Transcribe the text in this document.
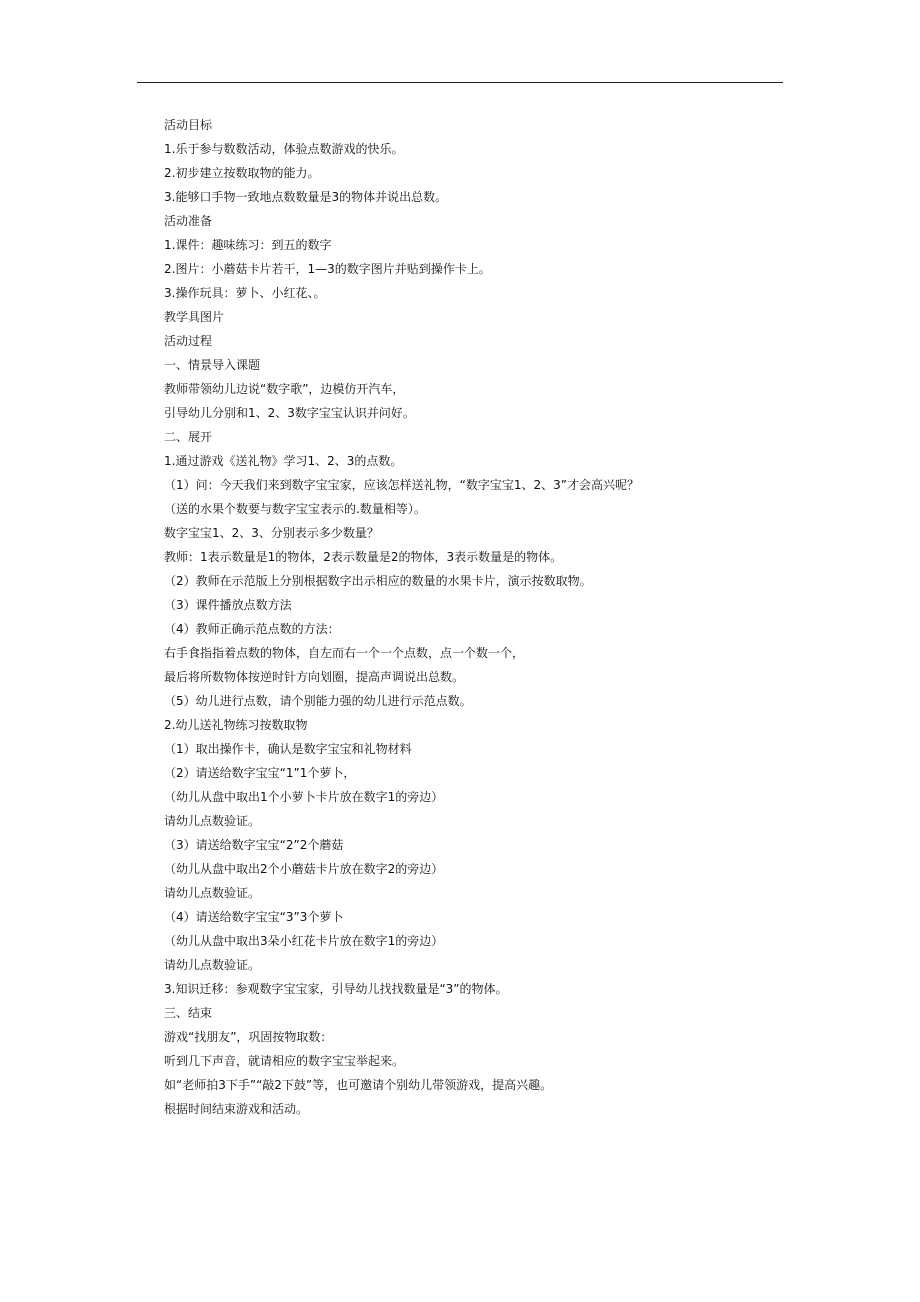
活动目标

1.乐于参与数数活动，体验点数游戏的快乐。

2.初步建立按数取物的能力。

3.能够口手物一致地点数数量是3的物体并说出总数。

活动准备

1.课件：趣味练习：到五的数字

2.图片：小蘑菇卡片若干，1—3的数字图片并贴到操作卡上。

3.操作玩具：萝卜、小红花、。

教学具图片

活动过程

一、情景导入课题

教师带领幼儿边说“数字歌”，边模仿开汽车，

引导幼儿分别和1、2、3数字宝宝认识并问好。

二、展开

1.通过游戏《送礼物》学习1、2、3的点数。

（1）问：今天我们来到数字宝宝家，应该怎样送礼物，“数字宝宝1、2、3”才会高兴呢？

（送的水果个数要与数字宝宝表示的.数量相等）。

数字宝宝1、2、3、分别表示多少数量？

教师：1表示数量是1的物体，2表示数量是2的物体，3表示数量是的物体。

（2）教师在示范版上分别根据数字出示相应的数量的水果卡片，演示按数取物。

（3）课件播放点数方法

（4）教师正确示范点数的方法：

右手食指指着点数的物体，自左而右一个一个点数，点一个数一个，

最后将所数物体按逆时针方向划圈，提高声调说出总数。

（5）幼儿进行点数，请个别能力强的幼儿进行示范点数。

2.幼儿送礼物练习按数取物

（1）取出操作卡，确认是数字宝宝和礼物材料

（2）请送给数字宝宝“1”1个萝卜，

（幼儿从盘中取出1个小萝卜卡片放在数字1的旁边）

请幼儿点数验证。

（3）请送给数字宝宝“2”2个蘑菇

（幼儿从盘中取出2个小蘑菇卡片放在数字2的旁边）

请幼儿点数验证。

（4）请送给数字宝宝“3”3个萝卜

（幼儿从盘中取出3朵小红花卡片放在数字1的旁边）

请幼儿点数验证。

3.知识迁移：参观数字宝宝家，引导幼儿找找数量是“3”的物体。

三、结束

游戏“找朋友”，巩固按物取数：

听到几下声音，就请相应的数字宝宝举起来。

如“老师拍3下手”“敲2下鼓”等，也可邀请个别幼儿带领游戏，提高兴趣。

根据时间结束游戏和活动。
